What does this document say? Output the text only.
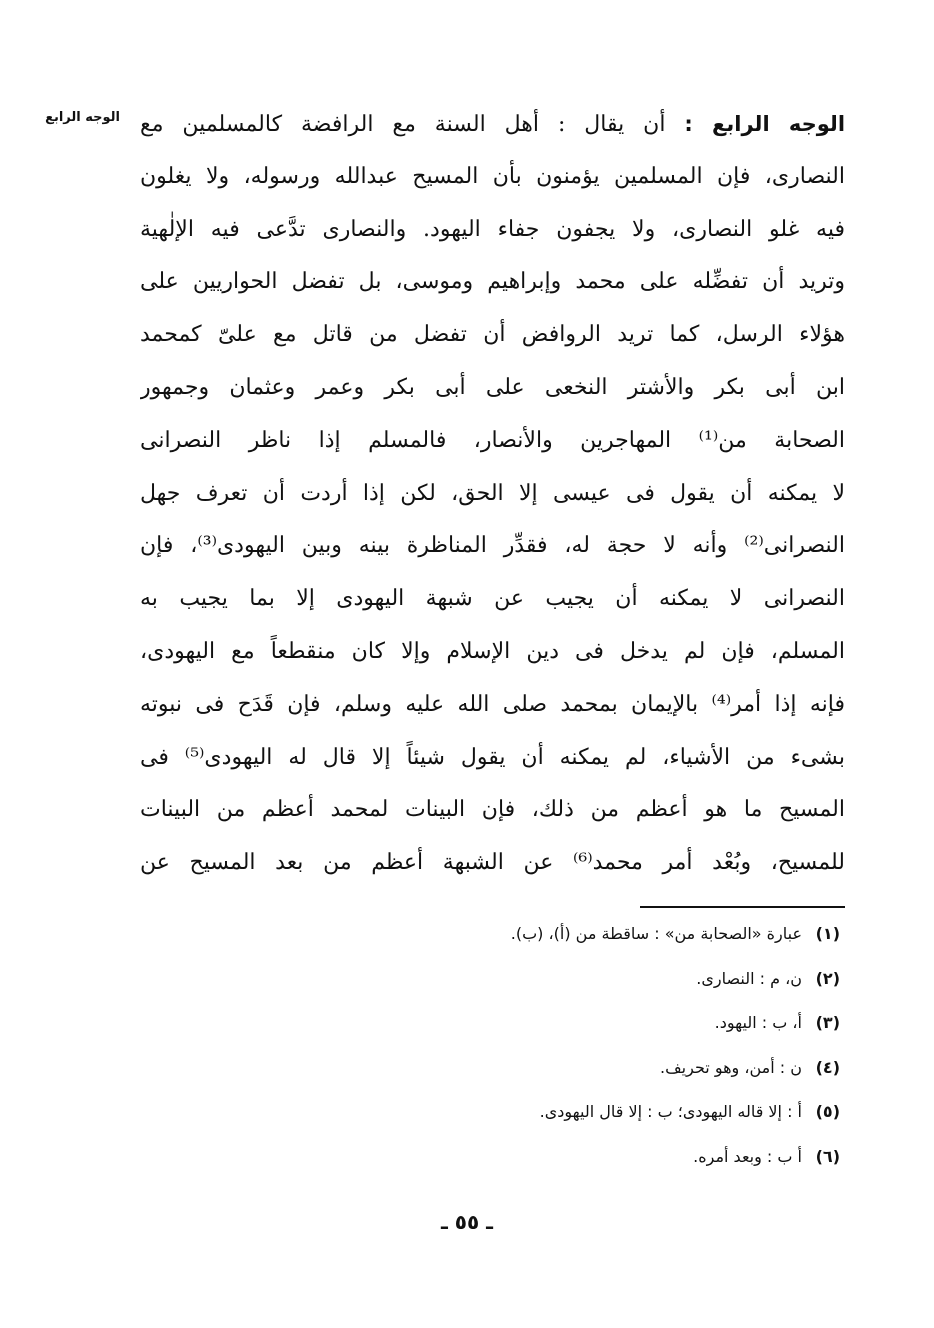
الوجه الرابع	الوجه الرابع : أن يقال : أهل السنة مع الرافضة كالمسلمين مع
النصارى، فإن المسلمين يؤمنون بأن المسيح عبدالله ورسوله، ولا يغلون
فيه غلو النصارى، ولا يجفون جفاء اليهود. والنصارى تدَّعى فيه الإلٰهية
وتريد أن تفضِّله على محمد وإبراهيم وموسى، بل تفضل الحواريين على
هؤلاء الرسل، كما تريد الروافض أن تفضل من قاتل مع علىّ كمحمد
ابن أبى بكر والأشتر النخعى على أبى بكر وعمر وعثمان وجمهور
الصحابة من⁽¹⁾ المهاجرين والأنصار، فالمسلم إذا ناظر النصرانى
لا يمكنه أن يقول فى عيسى إلا الحق، لكن إذا أردت أن تعرف جهل
النصرانى⁽²⁾ وأنه لا حجة له، فقدِّر المناظرة بينه وبين اليهودى⁽³⁾، فإن
النصرانى لا يمكنه أن يجيب عن شبهة اليهودى إلا بما يجيب به
المسلم، فإن لم يدخل فى دين الإسلام وإلا كان منقطعاً مع اليهودى،
فإنه إذا أمر⁽⁴⁾ بالإيمان بمحمد صلى الله عليه وسلم، فإن قَدَح فى نبوته
بشىء من الأشياء، لم يمكنه أن يقول شيئاً إلا قال له اليهودى⁽⁵⁾ فى
المسيح ما هو أعظم من ذلك، فإن البينات لمحمد أعظم من البينات
للمسيح، وبُعْد أمر محمد⁽⁶⁾ عن الشبهة أعظم من بعد المسيح عن
(١)عبارة «الصحابة من» : ساقطة من (أ)، (ب).
(٢)ن، م : النصارى.
(٣)أ، ب : اليهود.
(٤)ن : أمن، وهو تحريف.
(٥)أ : إلا قاله اليهودى؛ ب : إلا قال اليهودى.
(٦)أ ب : وبعد أمره.
ـ ٥٥ ـ
